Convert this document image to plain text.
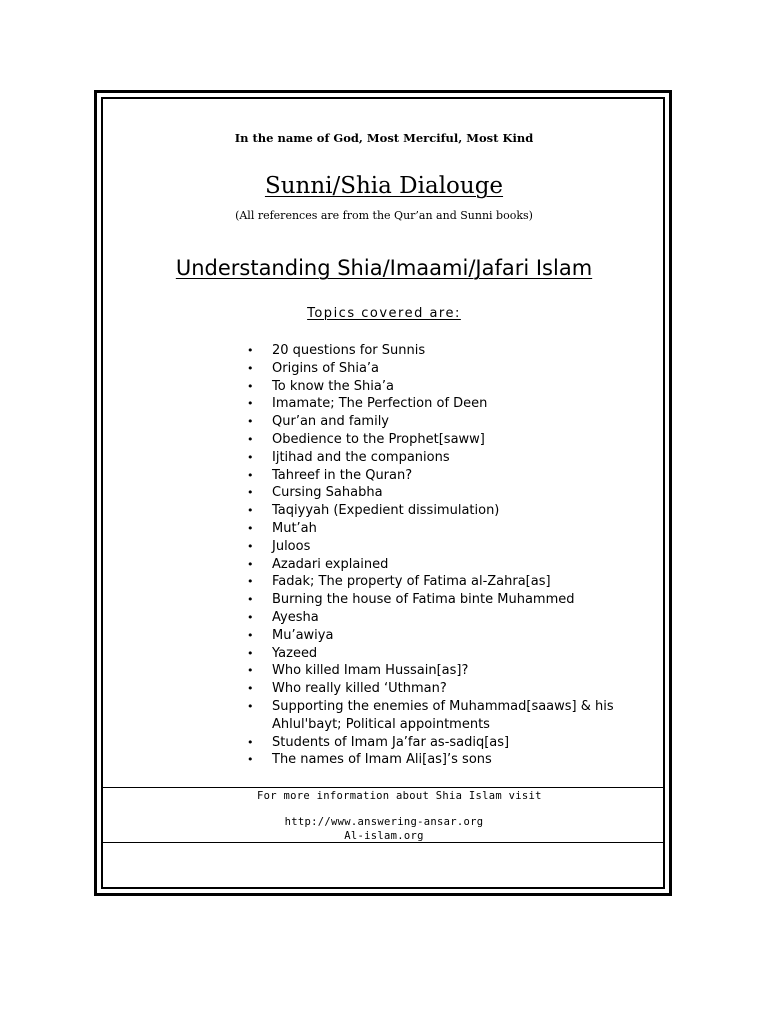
In the name of God, Most Merciful, Most Kind
Sunni/Shia Dialouge
(All references are from the Qur’an and Sunni books)
Understanding Shia/Imaami/Jafari Islam
Topics covered are:
• 20 questions for Sunnis
• Origins of Shia’a
• To know the Shia’a
• Imamate; The Perfection of Deen
• Qur’an and family
• Obedience to the Prophet[saww]
• Ijtihad and the companions
• Tahreef in the Quran?
• Cursing Sahabha
• Taqiyyah (Expedient dissimulation)
• Mut’ah
• Juloos
• Azadari explained
• Fadak; The property of Fatima al-Zahra[as]
• Burning the house of Fatima binte Muhammed
• Ayesha
• Mu’awiya
• Yazeed
• Who killed Imam Hussain[as]?
• Who really killed ‘Uthman?
• Supporting the enemies of Muhammad[saaws] & his Ahlul'bayt; Political appointments
• Students of Imam Ja’far as-sadiq[as]
• The names of Imam Ali[as]’s sons
For more information about Shia Islam visit
http://www.answering-ansar.org
Al-islam.org
